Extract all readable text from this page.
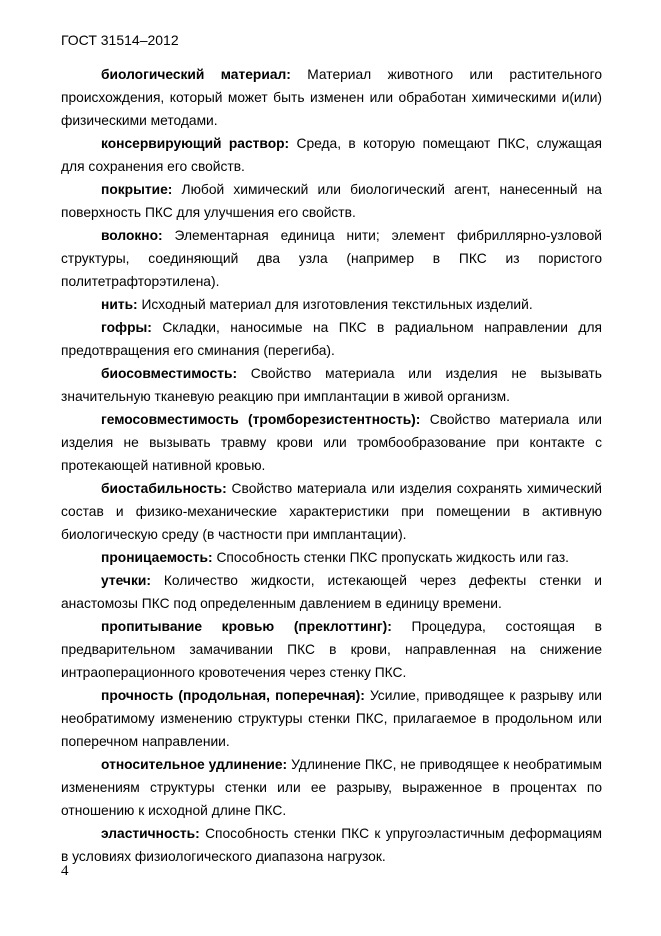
ГОСТ 31514–2012

биологический материал: Материал животного или растительного происхождения, который может быть изменен или обработан химическими и(или) физическими методами.

консервирующий раствор: Среда, в которую помещают ПКС, служащая для сохранения его свойств.

покрытие: Любой химический или биологический агент, нанесенный на поверхность ПКС для улучшения его свойств.

волокно: Элементарная единица нити; элемент фибриллярно-узловой структуры, соединяющий два узла (например в ПКС из пористого политетрафторэтилена).

нить: Исходный материал для изготовления текстильных изделий.

гофры: Складки, наносимые на ПКС в радиальном направлении для предотвращения его сминания (перегиба).

биосовместимость: Свойство материала или изделия не вызывать значительную тканевую реакцию при имплантации в живой организм.

гемосовместимость (тромборезистентность): Свойство материала или изделия не вызывать травму крови или тромбообразование при контакте с протекающей нативной кровью.

биостабильность: Свойство материала или изделия сохранять химический состав и физико-механические характеристики при помещении в активную биологическую среду (в частности при имплантации).

проницаемость: Способность стенки ПКС пропускать жидкость или газ.

утечки: Количество жидкости, истекающей через дефекты стенки и анастомозы ПКС под определенным давлением в единицу времени.

пропитывание кровью (преклоттинг): Процедура, состоящая в предварительном замачивании ПКС в крови, направленная на снижение интраоперационного кровотечения через стенку ПКС.

прочность (продольная, поперечная): Усилие, приводящее к разрыву или необратимому изменению структуры стенки ПКС, прилагаемое в продольном или поперечном направлении.

относительное удлинение: Удлинение ПКС, не приводящее к необратимым изменениям структуры стенки или ее разрыву, выраженное в процентах по отношению к исходной длине ПКС.

эластичность: Способность стенки ПКС к упругоэластичным деформациям в условиях физиологического диапазона нагрузок.

4
